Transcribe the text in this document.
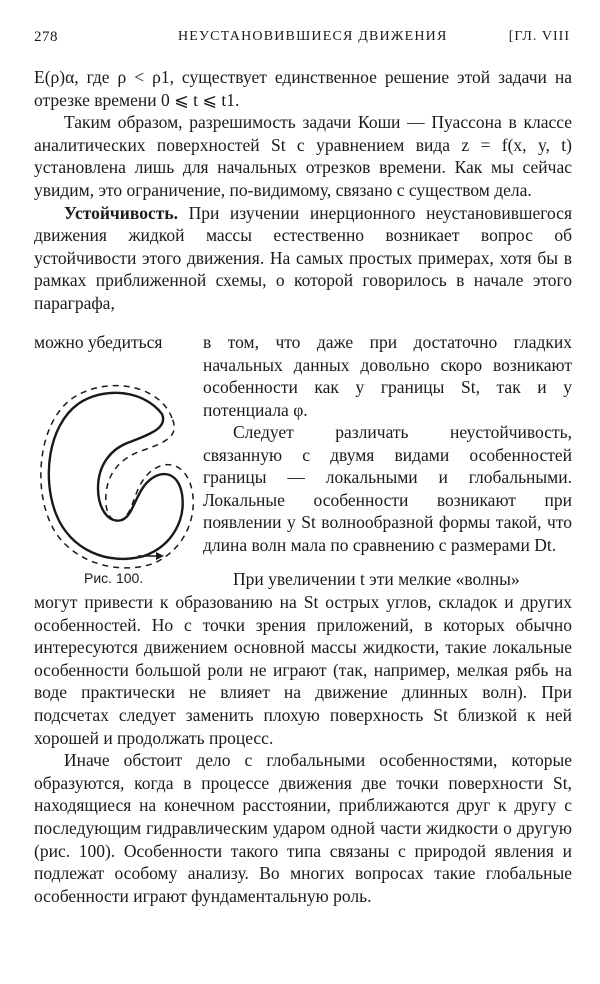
278	НЕУСТАНОВИВШИЕСЯ ДВИЖЕНИЯ	[ГЛ. VIII

E(ρ)α, где ρ < ρ1, существует единственное решение этой задачи на отрезке времени 0 ⩽ t ⩽ t1.

Таким образом, разрешимость задачи Коши — Пуассона в классе аналитических поверхностей St с уравнением вида z = f(x, y, t) установлена лишь для начальных отрезков времени. Как мы сейчас увидим, это ограничение, по-видимому, связано с существом дела.

Устойчивость. При изучении инерционного неустановившегося движения жидкой массы естественно возникает вопрос об устойчивости этого движения. На самых простых примерах, хотя бы в рамках приближенной схемы, о которой говорилось в начале этого параграфа,

можно убедиться	в том, что даже при достаточно гладких начальных данных довольно скоро возникают особенности как у границы St, так и у потенциала φ.
Следует различать неустойчивость, связанную с двумя видами особенностей границы — локальными и глобальными. Локальные особенности возникают при появлении у St волнообразной формы такой, что длина волн мала по сравнению с размерами Dt.
Рис. 100.	При увеличении t эти мелкие «волны»

могут привести к образованию на St острых углов, складок и других особенностей. Но с точки зрения приложений, в которых обычно интересуются движением основной массы жидкости, такие локальные особенности большой роли не играют (так, например, мелкая рябь на воде практически не влияет на движение длинных волн). При подсчетах следует заменить плохую поверхность St близкой к ней хорошей и продолжать процесс.

Иначе обстоит дело с глобальными особенностями, которые образуются, когда в процессе движения две точки поверхности St, находящиеся на конечном расстоянии, приближаются друг к другу с последующим гидравлическим ударом одной части жидкости о другую (рис. 100). Особенности такого типа связаны с природой явления и подлежат особому анализу. Во многих вопросах такие глобальные особенности играют фундаментальную роль.
